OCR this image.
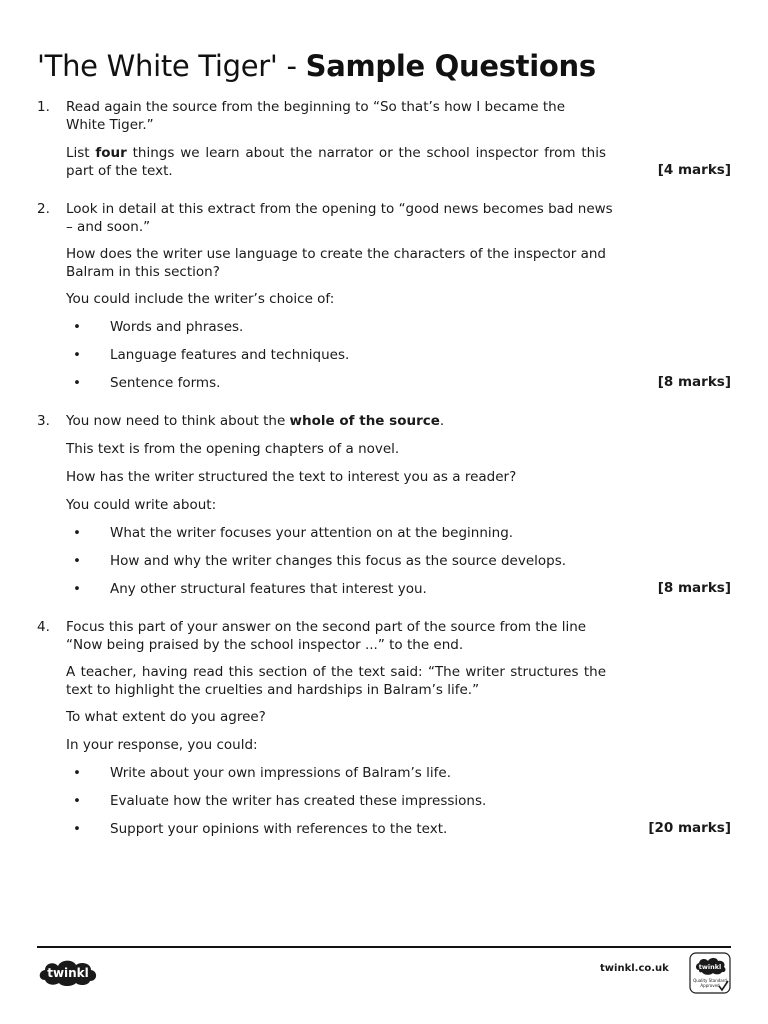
'The White Tiger' - Sample Questions
1. Read again the source from the beginning to “So that’s how I became the
White Tiger.”
List four things we learn about the narrator or the school inspector from this part of the text.	[4 marks]
2. Look in detail at this extract from the opening to “good news becomes bad news
– and soon.”
How does the writer use language to create the characters of the inspector and Balram in this section?
You could include the writer’s choice of:
• Words and phrases.
• Language features and techniques.
• Sentence forms.	[8 marks]
3. You now need to think about the whole of the source.
This text is from the opening chapters of a novel.
How has the writer structured the text to interest you as a reader?
You could write about:
• What the writer focuses your attention on at the beginning.
• How and why the writer changes this focus as the source develops.
• Any other structural features that interest you.	[8 marks]
4. Focus this part of your answer on the second part of the source from the line
“Now being praised by the school inspector ...” to the end.
A teacher, having read this section of the text said: “The writer structures the text to highlight the cruelties and hardships in Balram’s life.”
To what extent do you agree?
In your response, you could:
• Write about your own impressions of Balram’s life.
• Evaluate how the writer has created these impressions.
• Support your opinions with references to the text.	[20 marks]
twinkl	twinkl.co.uk	twinkl
Quality Standard
Approved
